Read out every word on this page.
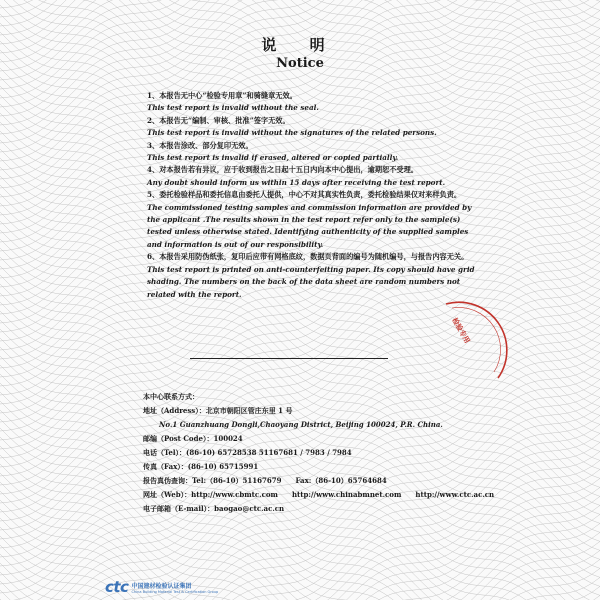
说 明
Notice
1、本报告无中心“检验专用章”和骑缝章无效。
This test report is invalid without the seal.
2、本报告无“编制、审核、批准”签字无效。
This test report is invalid without the signatures of the related persons.
3、本报告涂改、部分复印无效。
This test report is invalid if erased, altered or copied partially.
4、对本报告若有异议，应于收到报告之日起十五日内向本中心提出，逾期恕不受理。
Any doubt should inform us within 15 days after receiving the test report.
5、委托检验样品和委托信息由委托人提供，中心不对其真实性负责，委托检验结果仅对来样负责。
The commissioned testing samples and commission information are provided by the applicant .The results shown in the test report refer only to the sample(s) tested unless otherwise stated. Identifying authenticity of the supplied samples and information is out of our responsibility.
6、本报告采用防伪纸张，复印后应带有网格底纹，数据页背面的编号为随机编号，与报告内容无关。
This test report is printed on anti-counterfeiting paper. Its copy should have grid shading. The numbers on the back of the data sheet are random numbers not related with the report.
检验专用
本中心联系方式：
地址（Address）：北京市朝阳区管庄东里 1 号
No.1 Guanzhuang Dongli,Chaoyang District, Beijing 100024, P.R. China.
邮编（Post Code）：100024
电话（Tel）：(86-10) 65728538 51167681 / 7983 / 7984
传真（Fax）：(86-10) 65715991
报告真伪查询：Tel:（86-10）51167679 Fax:（86-10）65764684
网址（Web）：http://www.cbmtc.com http://www.chinabmnet.com http://www.ctc.ac.cn
电子邮箱（E-mail）：baogao@ctc.ac.cn
ctc 中国建材检验认证集团
China Building Material Test & Certification Group
